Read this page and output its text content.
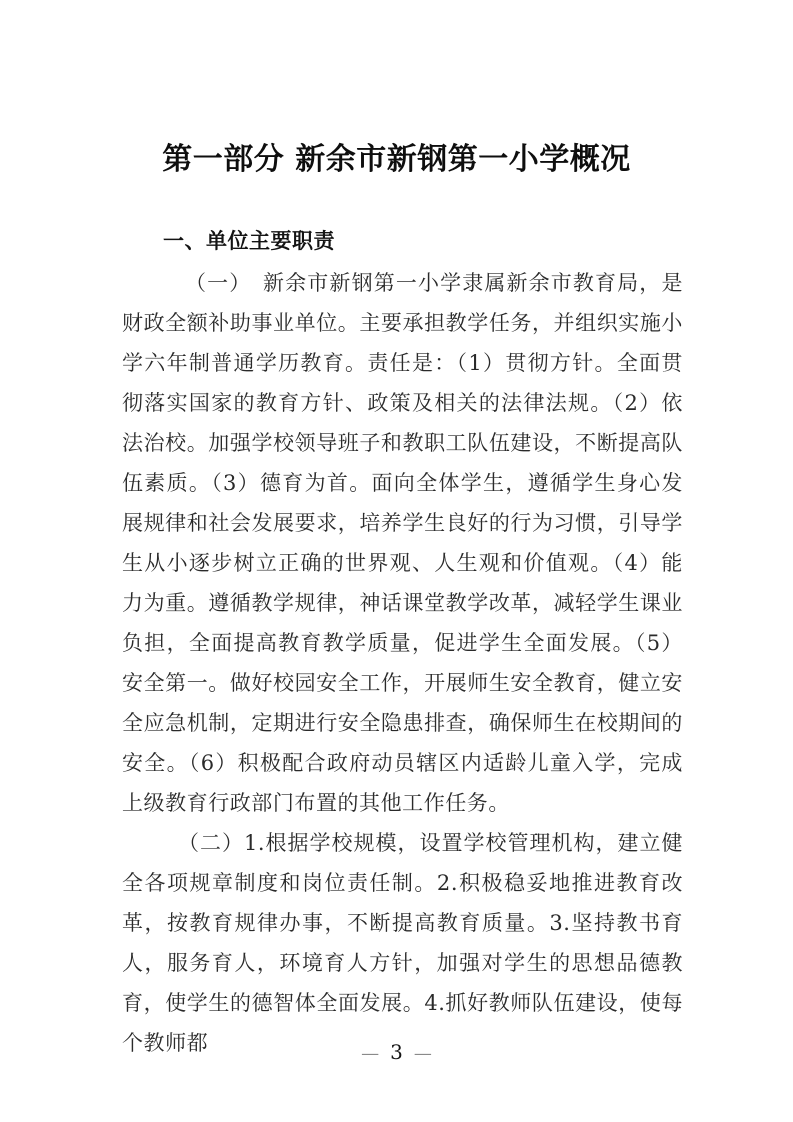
第一部分 新余市新钢第一小学概况
一、单位主要职责

（一）　新余市新钢第一小学隶属新余市教育局，是财政全额补助事业单位。主要承担教学任务，并组织实施小学六年制普通学历教育。责任是：（1）贯彻方针。全面贯彻落实国家的教育方针、政策及相关的法律法规。（2）依法治校。加强学校领导班子和教职工队伍建设，不断提高队伍素质。（3）德育为首。面向全体学生，遵循学生身心发展规律和社会发展要求，培养学生良好的行为习惯，引导学生从小逐步树立正确的世界观、人生观和价值观。（4）能力为重。遵循教学规律，神话课堂教学改革，减轻学生课业负担，全面提高教育教学质量，促进学生全面发展。（5）安全第一。做好校园安全工作，开展师生安全教育，健立安全应急机制，定期进行安全隐患排查，确保师生在校期间的安全。（6）积极配合政府动员辖区内适龄儿童入学，完成上级教育行政部门布置的其他工作任务。

（二）1.根据学校规模，设置学校管理机构，建立健全各项规章制度和岗位责任制。2.积极稳妥地推进教育改革，按教育规律办事，不断提高教育质量。3.坚持教书育人，服务育人，环境育人方针，加强对学生的思想品德教育，使学生的德智体全面发展。4.抓好教师队伍建设，使每个教师都	— 3 —
